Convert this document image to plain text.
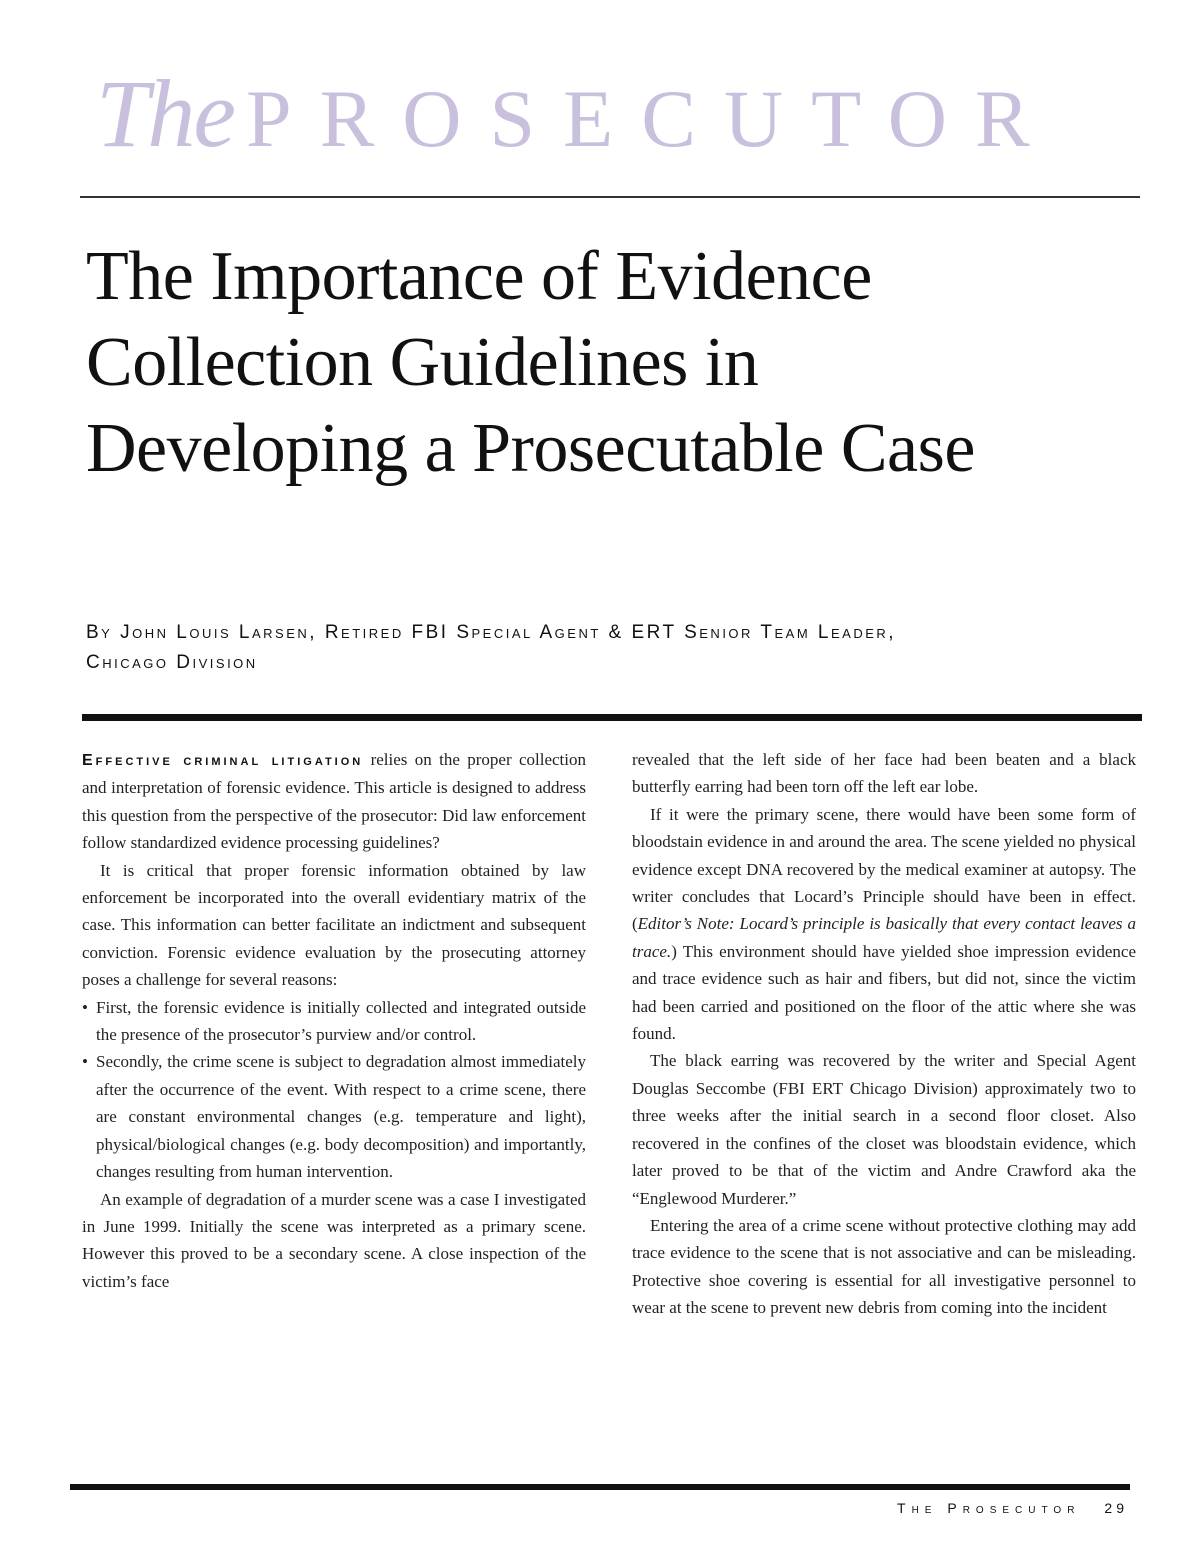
The PROSECUTOR
The Importance of Evidence
Collection Guidelines in
Developing a Prosecutable Case
By John Louis Larsen, Retired FBI Special Agent & ERT Senior Team Leader,
Chicago Division

Effective criminal litigation relies on the proper collection and interpretation of forensic evidence. This article is designed to address this question from the perspective of the prosecutor: Did law enforcement follow standardized evidence processing guidelines?

It is critical that proper forensic information obtained by law enforcement be incorporated into the overall evidentiary matrix of the case. This information can better facilitate an indictment and subsequent conviction. Forensic evidence evaluation by the prosecuting attorney poses a challenge for several reasons:

• First, the forensic evidence is initially collected and integrated outside the presence of the prosecutor’s purview and/or control.
• Secondly, the crime scene is subject to degradation almost immediately after the occurrence of the event. With respect to a crime scene, there are constant environmental changes (e.g. temperature and light), physical/biological changes (e.g. body decomposition) and importantly, changes resulting from human intervention.

An example of degradation of a murder scene was a case I investigated in June 1999. Initially the scene was interpreted as a primary scene. However this proved to be a secondary scene. A close inspection of the victim’s face

revealed that the left side of her face had been beaten and a black butterfly earring had been torn off the left ear lobe.

If it were the primary scene, there would have been some form of bloodstain evidence in and around the area. The scene yielded no physical evidence except DNA recovered by the medical examiner at autopsy. The writer concludes that Locard’s Principle should have been in effect. (Editor’s Note: Locard’s principle is basically that every contact leaves a trace.) This environment should have yielded shoe impression evidence and trace evidence such as hair and fibers, but did not, since the victim had been carried and positioned on the floor of the attic where she was found.

The black earring was recovered by the writer and Special Agent Douglas Seccombe (FBI ERT Chicago Division) approximately two to three weeks after the initial search in a second floor closet. Also recovered in the confines of the closet was bloodstain evidence, which later proved to be that of the victim and Andre Crawford aka the “Englewood Murderer.”

Entering the area of a crime scene without protective clothing may add trace evidence to the scene that is not associative and can be misleading. Protective shoe covering is essential for all investigative personnel to wear at the scene to prevent new debris from coming into the incident

The Prosecutor 29
